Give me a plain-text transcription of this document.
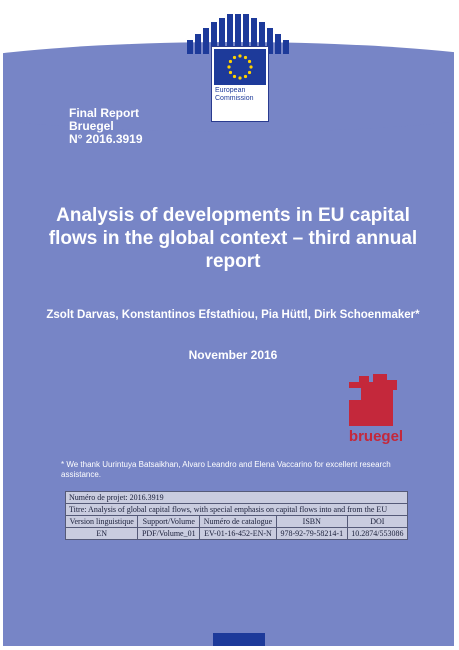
European
Commission
Final Report
Bruegel
N° 2016.3919
Analysis of developments in EU capital flows in the global context – third annual report
Zsolt Darvas, Konstantinos Efstathiou, Pia Hüttl, Dirk Schoenmaker*
November 2016
bruegel
* We thank Uurintuya Batsaikhan, Alvaro Leandro and Elena Vaccarino for excellent research assistance.
Numéro de projet: 2016.3919				
Titre: Analysis of global capital flows, with special emphasis on capital flows into and from the EU				
Version linguistique	Support/Volume	Numéro de catalogue	ISBN	DOI
EN	PDF/Volume_01	EV-01-16-452-EN-N	978-92-79-58214-1	10.2874/553086
